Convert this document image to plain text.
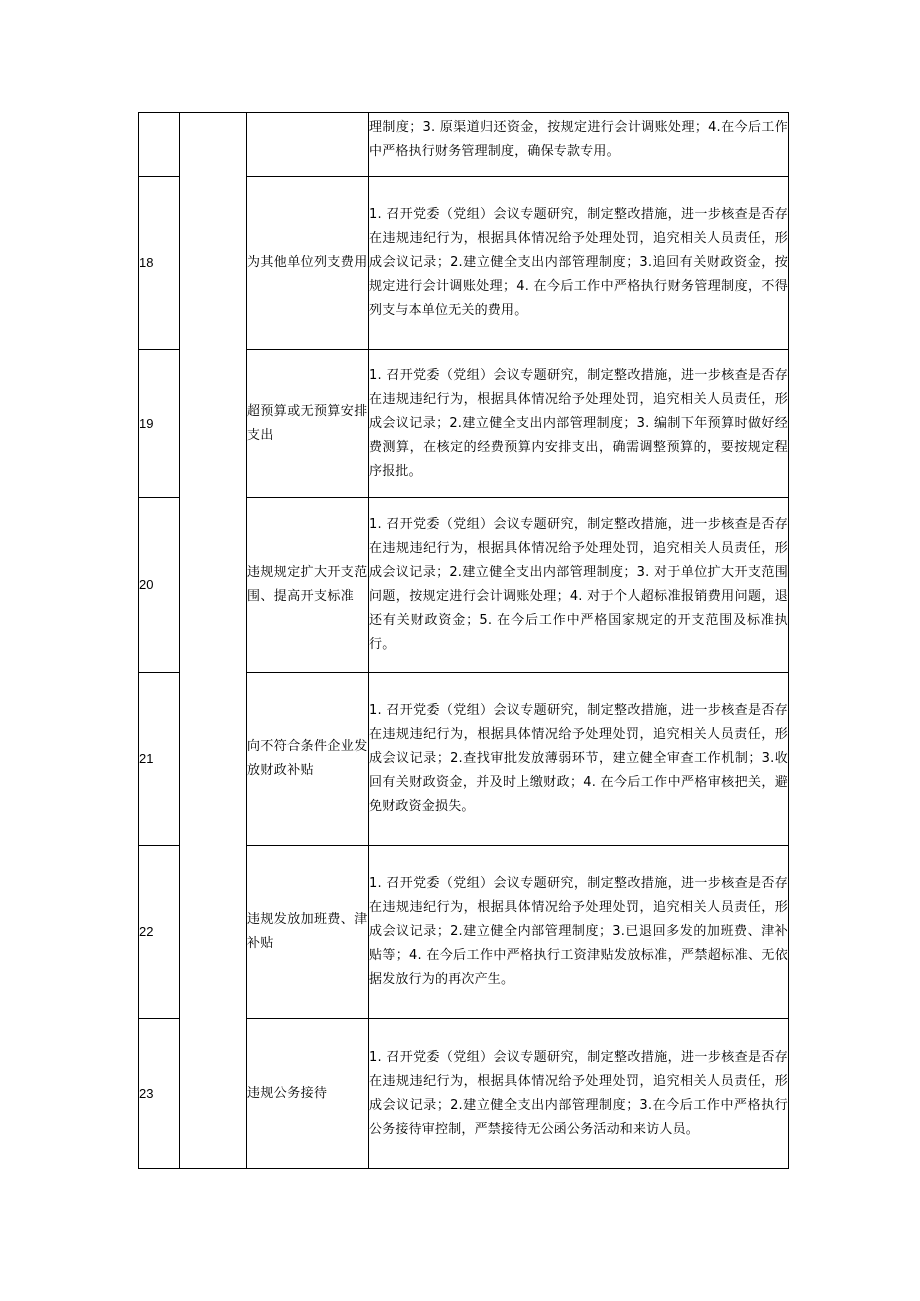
			理制度；3. 原渠道归还资金，按规定进行会计调账处理；4.在今后工作中严格执行财务管理制度，确保专款专用。
18		为其他单位列支费用	1. 召开党委（党组）会议专题研究，制定整改措施，进一步核查是否存在违规违纪行为，根据具体情况给予处理处罚，追究相关人员责任，形成会议记录；2.建立健全支出内部管理制度；3.追回有关财政资金，按规定进行会计调账处理；4. 在今后工作中严格执行财务管理制度，不得列支与本单位无关的费用。
19		超预算或无预算安排支出	1. 召开党委（党组）会议专题研究，制定整改措施，进一步核查是否存在违规违纪行为，根据具体情况给予处理处罚，追究相关人员责任，形成会议记录；2.建立健全支出内部管理制度；3. 编制下年预算时做好经费测算，在核定的经费预算内安排支出，确需调整预算的，要按规定程序报批。
20		违规规定扩大开支范围、提高开支标准	1. 召开党委（党组）会议专题研究，制定整改措施，进一步核查是否存在违规违纪行为，根据具体情况给予处理处罚，追究相关人员责任，形成会议记录；2.建立健全支出内部管理制度；3. 对于单位扩大开支范围问题，按规定进行会计调账处理；4. 对于个人超标准报销费用问题，退还有关财政资金；5. 在今后工作中严格国家规定的开支范围及标准执行。
21		向不符合条件企业发放财政补贴	1. 召开党委（党组）会议专题研究，制定整改措施，进一步核查是否存在违规违纪行为，根据具体情况给予处理处罚，追究相关人员责任，形成会议记录；2.查找审批发放薄弱环节，建立健全审查工作机制；3.收回有关财政资金，并及时上缴财政；4. 在今后工作中严格审核把关，避免财政资金损失。
22		违规发放加班费、津补贴	1. 召开党委（党组）会议专题研究，制定整改措施，进一步核查是否存在违规违纪行为，根据具体情况给予处理处罚，追究相关人员责任，形成会议记录；2.建立健全内部管理制度；3.已退回多发的加班费、津补贴等；4. 在今后工作中严格执行工资津贴发放标准，严禁超标准、无依据发放行为的再次产生。
23		违规公务接待	1. 召开党委（党组）会议专题研究，制定整改措施，进一步核查是否存在违规违纪行为，根据具体情况给予处理处罚，追究相关人员责任，形成会议记录；2.建立健全支出内部管理制度；3.在今后工作中严格执行公务接待审控制，严禁接待无公函公务活动和来访人员。
